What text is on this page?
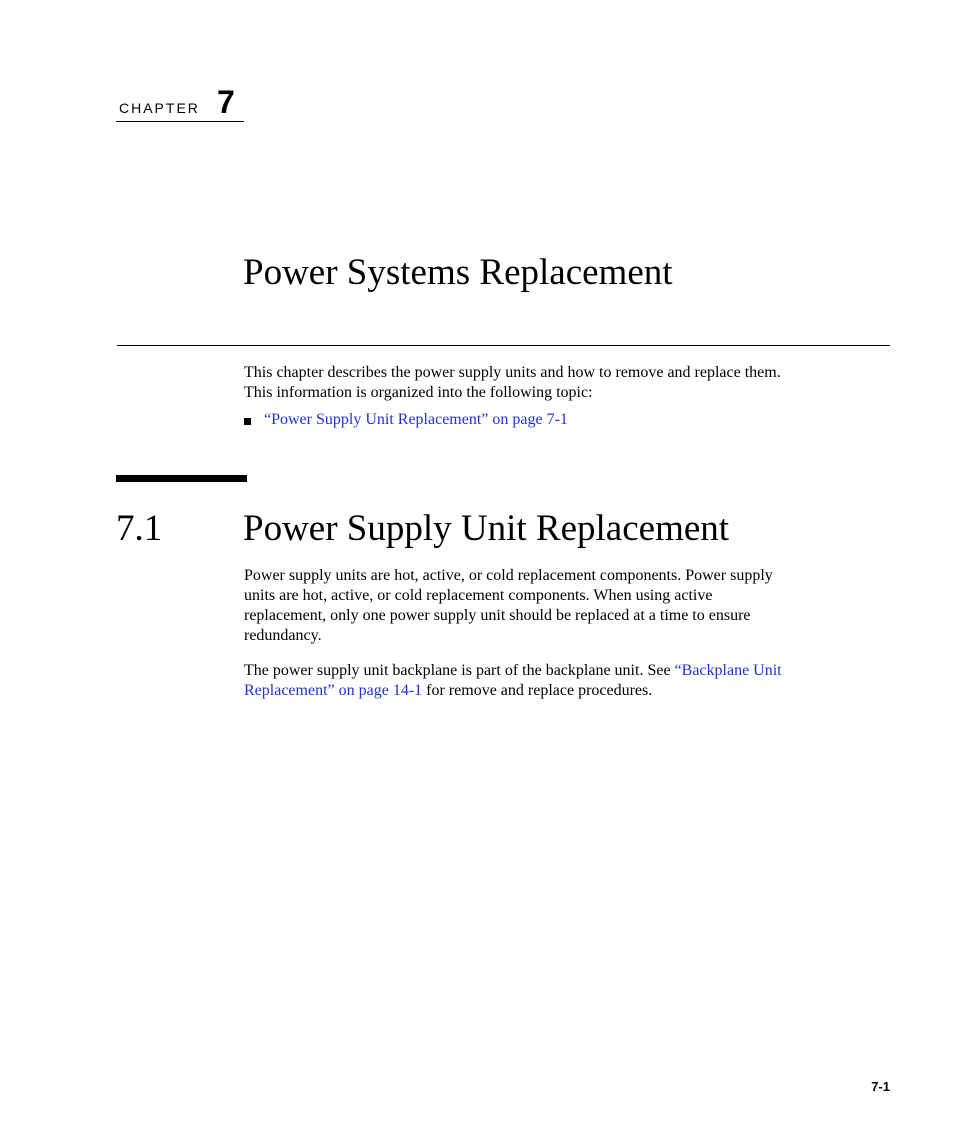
CHAPTER 7
Power Systems Replacement

This chapter describes the power supply units and how to remove and replace them.
This information is organized into the following topic:

“Power Supply Unit Replacement” on page 7-1
7.1 Power Supply Unit Replacement

Power supply units are hot, active, or cold replacement components. Power supply
units are hot, active, or cold replacement components. When using active
replacement, only one power supply unit should be replaced at a time to ensure
redundancy.

The power supply unit backplane is part of the backplane unit. See “Backplane Unit
Replacement” on page 14-1 for remove and replace procedures.

7-1
